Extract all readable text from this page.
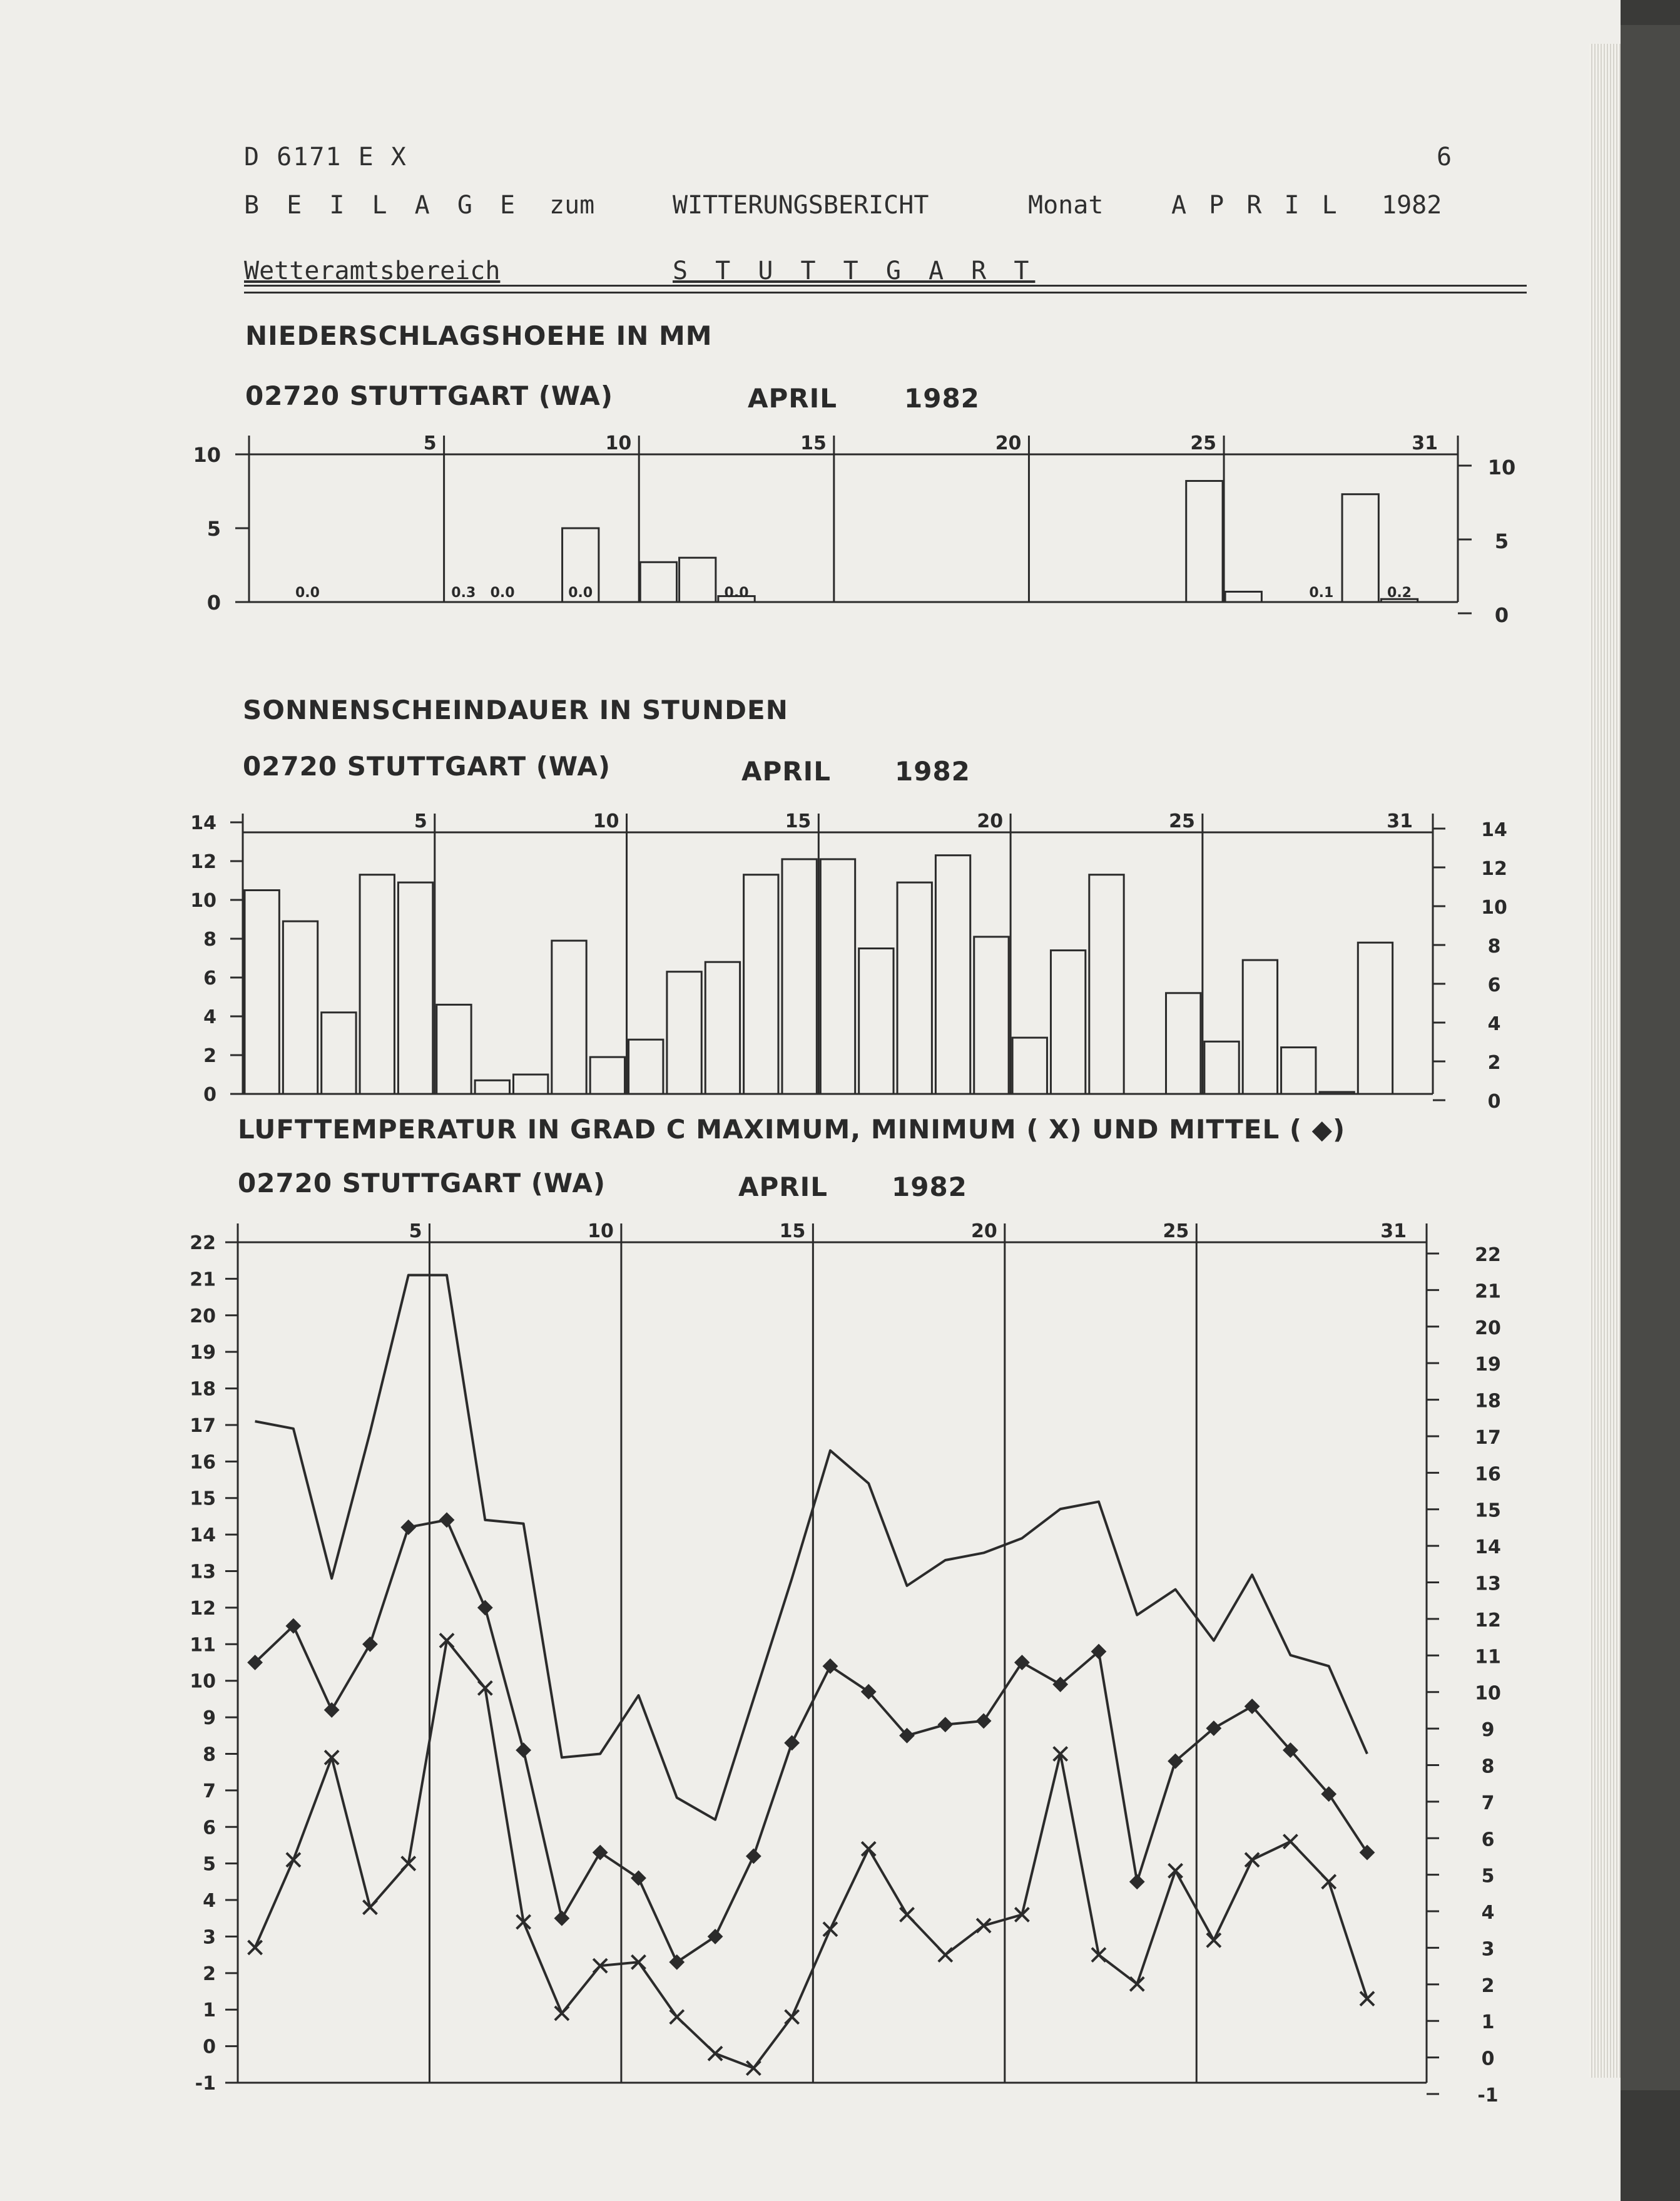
D 6171 E X	6
B E I L A G E zum	WITTERUNGSBERICHT	Monat	A P R I L 1982
Wetteramtsbereich	S T U T T G A R T
NIEDERSCHLAGSHOEHE IN MM
02720 STUTTGART (WA)	APRIL	1982
SONNENSCHEINDAUER IN STUNDEN
02720 STUTTGART (WA)	APRIL 1982
LUFTTEMPERATUR IN GRAD C MAXIMUM, MINIMUM ( X) UND MITTEL ( ◆)
02720 STUTTGART (WA)	APRIL 1982
5	10	15	20	25	31
10
10
5
5
0
0
0.0	0.3 0.0	0.0	0.0	0.1	0.2
5	10	15	20	25	31
14	14
12	12
10	10
8	8
6	6
4	4
2	2
0	0
5	10	15	20	25	31
22
22
21
21
20
20
19
19
18
18
17
17
16
16
15
15
14
14
13
13
12
12
11
11
10
10
9
9
8
8
7
7
6
6
5
5
4
4
3
3
2
2
1
1
0
0
-1
-1
